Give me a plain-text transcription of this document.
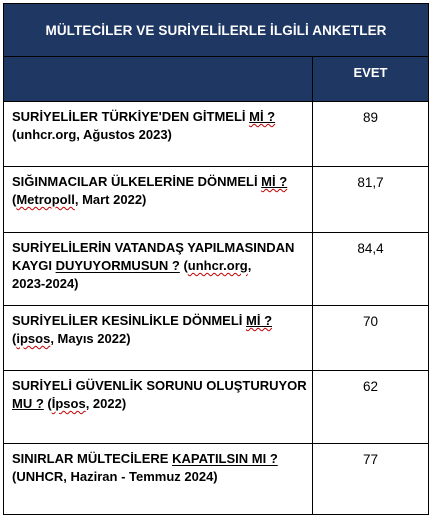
MÜLTECİLER VE SURİYELİLERLE İLGİLİ ANKETLER	

	EVET

SURİYELİLER TÜRKİYE'DEN GİTMELİ Mİ ?
(unhcr.org, Ağustos 2023)	89
SIĞINMACILAR ÜLKELERİNE DÖNMELİ Mİ ?
(Metropoll, Mart 2022)	81,7
SURİYELİLERİN VATANDAŞ YAPILMASINDAN KAYGI DUYUYORMUSUN ? (unhcr.org,
2023-2024)	84,4
SURİYELİLER KESİNLİKLE DÖNMELİ Mİ ?
(ipsos, Mayıs 2022)	70
SURİYELİ GÜVENLİK SORUNU OLUŞTURUYOR
MU ? (İpsos, 2022)	62
SINIRLAR MÜLTECİLERE KAPATILSIN MI ?
(UNHCR, Haziran - Temmuz 2024)	77
